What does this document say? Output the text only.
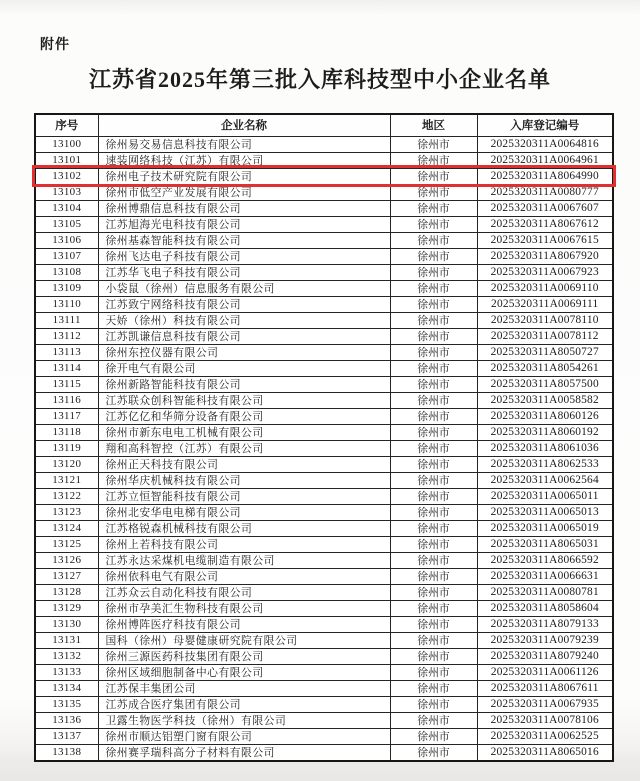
附件
江苏省2025年第三批入库科技型中小企业名单
序号	企业名称	地区	入库登记编号
13100	徐州易交易信息科技有限公司	徐州市	2025320311A0064816
13101	速装网络科技（江苏）有限公司	徐州市	2025320311A0064961
13102	徐州电子技术研究院有限公司	徐州市	2025320311A8064990
13103	徐州市低空产业发展有限公司	徐州市	2025320311A0080777
13104	徐州博鼎信息科技有限公司	徐州市	2025320311A0067607
13105	江苏旭海光电科技有限公司	徐州市	2025320311A8067612
13106	徐州基森智能科技有限公司	徐州市	2025320311A0067615
13107	徐州飞达电子科技有限公司	徐州市	2025320311A8067920
13108	江苏华飞电子科技有限公司	徐州市	2025320311A0067923
13109	小袋鼠（徐州）信息服务有限公司	徐州市	2025320311A0069110
13110	江苏致宁网络科技有限公司	徐州市	2025320311A0069111
13111	天娇（徐州）科技有限公司	徐州市	2025320311A0078110
13112	江苏凯谦信息科技有限公司	徐州市	2025320311A0078112
13113	徐州东控仪器有限公司	徐州市	2025320311A8050727
13114	徐开电气有限公司	徐州市	2025320311A8054261
13115	徐州新路智能科技有限公司	徐州市	2025320311A8057500
13116	江苏联众创科智能科技有限公司	徐州市	2025320311A0058582
13117	江苏亿亿和华筛分设备有限公司	徐州市	2025320311A8060126
13118	徐州市新东电电工机械有限公司	徐州市	2025320311A8060192
13119	翔和高科智控（江苏）有限公司	徐州市	2025320311A8061036
13120	徐州正天科技有限公司	徐州市	2025320311A8062533
13121	徐州华庆机械科技有限公司	徐州市	2025320311A0062564
13122	江苏立恒智能科技有限公司	徐州市	2025320311A0065011
13123	徐州北安华电电梯有限公司	徐州市	2025320311A0065013
13124	江苏格锐森机械科技有限公司	徐州市	2025320311A0065019
13125	徐州上若科技有限公司	徐州市	2025320311A8065031
13126	江苏永达采煤机电缆制造有限公司	徐州市	2025320311A8066592
13127	徐州依科电气有限公司	徐州市	2025320311A0066631
13128	江苏众云自动化科技有限公司	徐州市	2025320311A0080781
13129	徐州市孕美汇生物科技有限公司	徐州市	2025320311A8058604
13130	徐州博阵医疗科技有限公司	徐州市	2025320311A8079133
13131	国科（徐州）母婴健康研究院有限公司	徐州市	2025320311A0079239
13132	徐州三源医药科技集团有限公司	徐州市	2025320311A8079240
13133	徐州区域细胞制备中心有限公司	徐州市	2025320311A0061126
13134	江苏保丰集团公司	徐州市	2025320311A8067611
13135	江苏成合医疗集团有限公司	徐州市	2025320311A0067935
13136	卫露生物医学科技（徐州）有限公司	徐州市	2025320311A0078106
13137	徐州市顺达铝塑门窗有限公司	徐州市	2025320311A0062525
13138	徐州赛孚瑞科高分子材料有限公司	徐州市	2025320311A8065016
